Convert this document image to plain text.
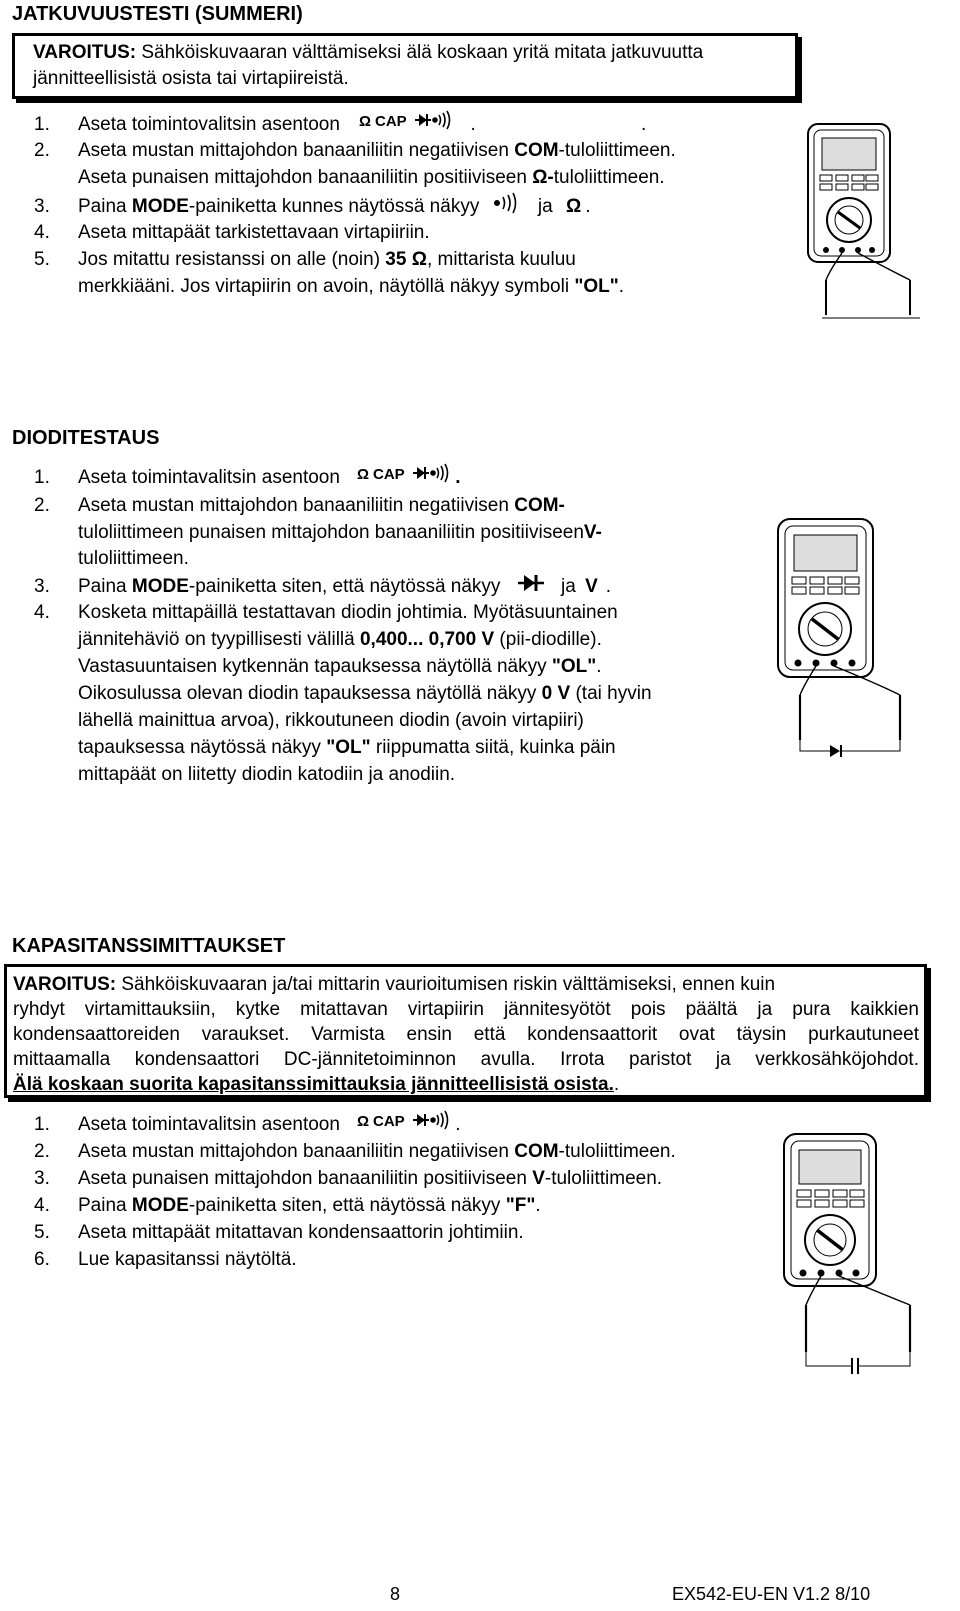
JATKUVUUSTESTI (SUMMERI)
VAROITUS: Sähköiskuvaaran välttämiseksi älä koskaan yritä mitata jatkuvuutta
jännitteellisistä osista tai virtapiireistä.
1. Aseta toimintovalitsin asentoon Ω CAP	. .
2. Aseta mustan mittajohdon banaaniliitin negatiivisen COM-tuloliittimeen.
Aseta punaisen mittajohdon banaaniliitin positiiviseen Ω-tuloliittimeen.
3. Paina MODE-painiketta kunnes näytössä näkyy	ja Ω .
4. Aseta mittapäät tarkistettavaan virtapiiriin.
5. Jos mitattu resistanssi on alle (noin) 35 Ω, mittarista kuuluu
merkkiääni. Jos virtapiirin on avoin, näytöllä näkyy symboli "OL".
DIODITESTAUS
1. Aseta toimintavalitsin asentoon Ω CAP	.
2. Aseta mustan mittajohdon banaaniliitin negatiivisen COM-
tuloliittimeen punaisen mittajohdon banaaniliitin positiiviseenV-
tuloliittimeen.
3. Paina MODE-painiketta siten, että näytössä näkyy	ja V .
4. Kosketa mittapäillä testattavan diodin johtimia. Myötäsuuntainen
jännitehäviö on tyypillisesti välillä 0,400... 0,700 V (pii-diodille).
Vastasuuntaisen kytkennän tapauksessa näytöllä näkyy "OL".
Oikosulussa olevan diodin tapauksessa näytöllä näkyy 0 V (tai hyvin
lähellä mainittua arvoa), rikkoutuneen diodin (avoin virtapiiri)
tapauksessa näytössä näkyy "OL" riippumatta siitä, kuinka päin
mittapäät on liitetty diodin katodiin ja anodiin.
KAPASITANSSIMITTAUKSET
VAROITUS: Sähköiskuvaaran ja/tai mittarin vaurioitumisen riskin välttämiseksi, ennen kuin
ryhdyt virtamittauksiin, kytke mitattavan virtapiirin jännitesyötöt pois päältä ja pura kaikkien
kondensaattoreiden varaukset. Varmista ensin että kondensaattorit ovat täysin purkautuneet
mittaamalla kondensaattori DC-jännitetoiminnon avulla. Irrota paristot ja verkkosähköjohdot.
Älä koskaan suorita kapasitanssimittauksia jännitteellisistä osista..
1. Aseta toimintavalitsin asentoon Ω CAP	.
2. Aseta mustan mittajohdon banaaniliitin negatiivisen COM-tuloliittimeen.
3. Aseta punaisen mittajohdon banaaniliitin positiiviseen V-tuloliittimeen.
4. Paina MODE-painiketta siten, että näytössä näkyy "F".
5. Aseta mittapäät mitattavan kondensaattorin johtimiin.
6. Lue kapasitanssi näytöltä.
8	EX542-EU-EN V1.2 8/10
